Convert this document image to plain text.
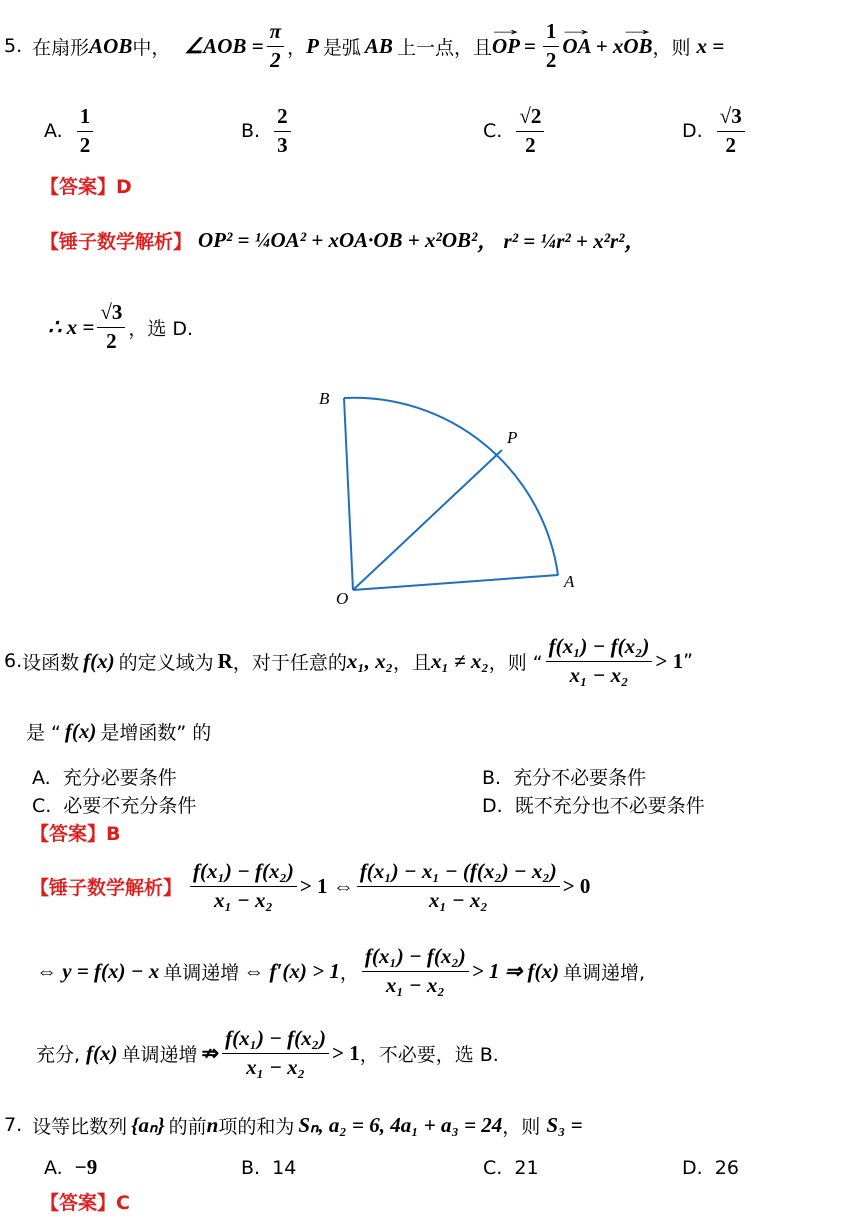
5. 在扇形 AOB 中， ∠AOB = $\frac{\pi}{2}$ ， P 是弧 AB 上一点，且 → OP = $\frac{1}{2}$ → OA + x → OB ，则 x =
A. $\frac{1}{2}$	B. $\frac{2}{3}$	C. $\frac{√2}{2}$	D. $\frac{√3}{2}$
【答案】D
【锤子数学解析】 OP² = ¼OA² + xOA·OB + x²OB² ， r² = ¼r² + x²r²，
∴ $x = \frac{√3}{2}$ ，选 D.
B
P
O
A
6. 设函数 f(x) 的定义域为 R ，对于任意的 x₁, x₂ ，且 x₁ ≠ x₂ ，则 “ $\frac{\text{f(x₁) − f(x₂)}}{\text{x₁ − x₂}} > 1$ ”
是 “ f(x) 是增函数” 的
A. 充分必要条件	B. 充分不必要条件
C. 必要不充分条件	D. 既不充分也不必要条件
【答案】B
【锤子数学解析】 $\frac{\text{f(x₁) − f(x₂)}}{\text{x₁ − x₂}} > 1$ ⇔ $\frac{\text{f(x₁) − x₁ − (f(x₂) − x₂)}}{\text{x₁ − x₂}} > 0$
⇔ y = f(x) − x 单调递增 ⇔ f′(x) > 1 ， $\frac{\text{f(x₁) − f(x₂)}}{\text{x₁ − x₂}} > 1$ ⇒ f(x) 单调递增,
充分, f(x) 单调递增 ⇏ $\frac{\text{f(x₁) − f(x₂)}}{\text{x₁ − x₂}} > 1$ ，不必要，选 B.
7. 设等比数列 {aₙ} 的前 n 项的和为 Sₙ, a₂ = 6, 4a₁ + a₃ = 24 ，则 S₃ =
A. −9	B. 14	C. 21	D. 26
【答案】C
